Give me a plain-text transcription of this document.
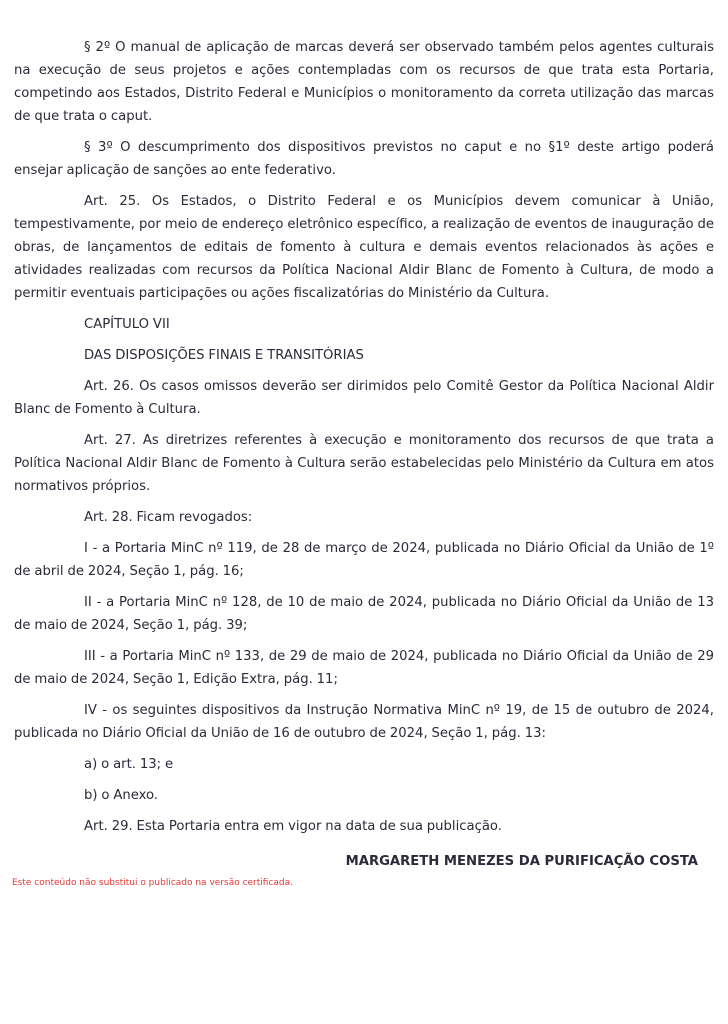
§ 2º O manual de aplicação de marcas deverá ser observado também pelos agentes culturais na execução de seus projetos e ações contempladas com os recursos de que trata esta Portaria, competindo aos Estados, Distrito Federal e Municípios o monitoramento da correta utilização das marcas de que trata o caput.

§ 3º O descumprimento dos dispositivos previstos no caput e no §1º deste artigo poderá ensejar aplicação de sanções ao ente federativo.

Art. 25. Os Estados, o Distrito Federal e os Municípios devem comunicar à União, tempestivamente, por meio de endereço eletrônico específico, a realização de eventos de inauguração de obras, de lançamentos de editais de fomento à cultura e demais eventos relacionados às ações e atividades realizadas com recursos da Política Nacional Aldir Blanc de Fomento à Cultura, de modo a permitir eventuais participações ou ações fiscalizatórias do Ministério da Cultura.

CAPÍTULO VII

DAS DISPOSIÇÕES FINAIS E TRANSITÓRIAS

Art. 26. Os casos omissos deverão ser dirimidos pelo Comitê Gestor da Política Nacional Aldir Blanc de Fomento à Cultura.

Art. 27. As diretrizes referentes à execução e monitoramento dos recursos de que trata a Política Nacional Aldir Blanc de Fomento à Cultura serão estabelecidas pelo Ministério da Cultura em atos normativos próprios.

Art. 28. Ficam revogados:

I - a Portaria MinC nº 119, de 28 de março de 2024, publicada no Diário Oficial da União de 1º de abril de 2024, Seção 1, pág. 16;

II - a Portaria MinC nº 128, de 10 de maio de 2024, publicada no Diário Oficial da União de 13 de maio de 2024, Seção 1, pág. 39;

III - a Portaria MinC nº 133, de 29 de maio de 2024, publicada no Diário Oficial da União de 29 de maio de 2024, Seção 1, Edição Extra, pág. 11;

IV - os seguintes dispositivos da Instrução Normativa MinC nº 19, de 15 de outubro de 2024, publicada no Diário Oficial da União de 16 de outubro de 2024, Seção 1, pág. 13:

a) o art. 13; e

b) o Anexo.

Art. 29. Esta Portaria entra em vigor na data de sua publicação.

MARGARETH MENEZES DA PURIFICAÇÃO COSTA
Este conteúdo não substitui o publicado na versão certificada.
